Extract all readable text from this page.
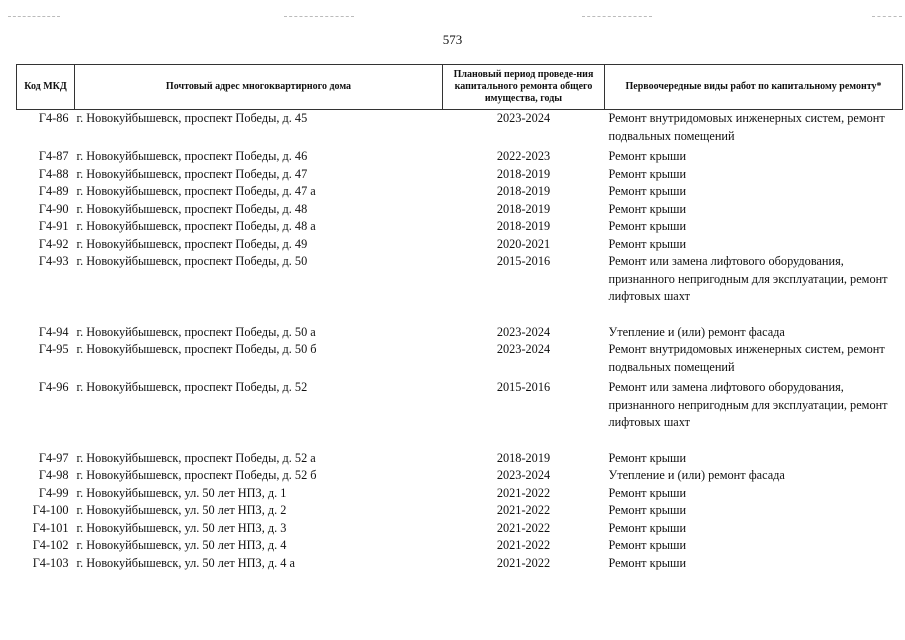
573
Код МКД	Почтовый адрес многоквартирного дома	Плановый период проведе-ния капитального ремонта общего имущества, годы	Первоочередные виды работ по капитальному ремонту*
Г4-86	г. Новокуйбышевск, проспект Победы, д. 45	2023-2024	Ремонт внутридомовых инженерных систем, ремонт подвальных помещений
Г4-87	г. Новокуйбышевск, проспект Победы, д. 46	2022-2023	Ремонт крыши
Г4-88	г. Новокуйбышевск, проспект Победы, д. 47	2018-2019	Ремонт крыши
Г4-89	г. Новокуйбышевск, проспект Победы, д. 47 а	2018-2019	Ремонт крыши
Г4-90	г. Новокуйбышевск, проспект Победы, д. 48	2018-2019	Ремонт крыши
Г4-91	г. Новокуйбышевск, проспект Победы, д. 48 а	2018-2019	Ремонт крыши
Г4-92	г. Новокуйбышевск, проспект Победы, д. 49	2020-2021	Ремонт крыши
Г4-93	г. Новокуйбышевск, проспект Победы, д. 50	2015-2016	Ремонт или замена лифтового оборудования, признанного непригодным для эксплуатации, ремонт лифтовых шахт
Г4-94	г. Новокуйбышевск, проспект Победы, д. 50 а	2023-2024	Утепление и (или) ремонт фасада
Г4-95	г. Новокуйбышевск, проспект Победы, д. 50 б	2023-2024	Ремонт внутридомовых инженерных систем, ремонт подвальных помещений
Г4-96	г. Новокуйбышевск, проспект Победы, д. 52	2015-2016	Ремонт или замена лифтового оборудования, признанного непригодным для эксплуатации, ремонт лифтовых шахт
Г4-97	г. Новокуйбышевск, проспект Победы, д. 52 а	2018-2019	Ремонт крыши
Г4-98	г. Новокуйбышевск, проспект Победы, д. 52 б	2023-2024	Утепление и (или) ремонт фасада
Г4-99	г. Новокуйбышевск, ул. 50 лет НПЗ, д. 1	2021-2022	Ремонт крыши
Г4-100	г. Новокуйбышевск, ул. 50 лет НПЗ, д. 2	2021-2022	Ремонт крыши
Г4-101	г. Новокуйбышевск, ул. 50 лет НПЗ, д. 3	2021-2022	Ремонт крыши
Г4-102	г. Новокуйбышевск, ул. 50 лет НПЗ, д. 4	2021-2022	Ремонт крыши
Г4-103	г. Новокуйбышевск, ул. 50 лет НПЗ, д. 4 а	2021-2022	Ремонт крыши
